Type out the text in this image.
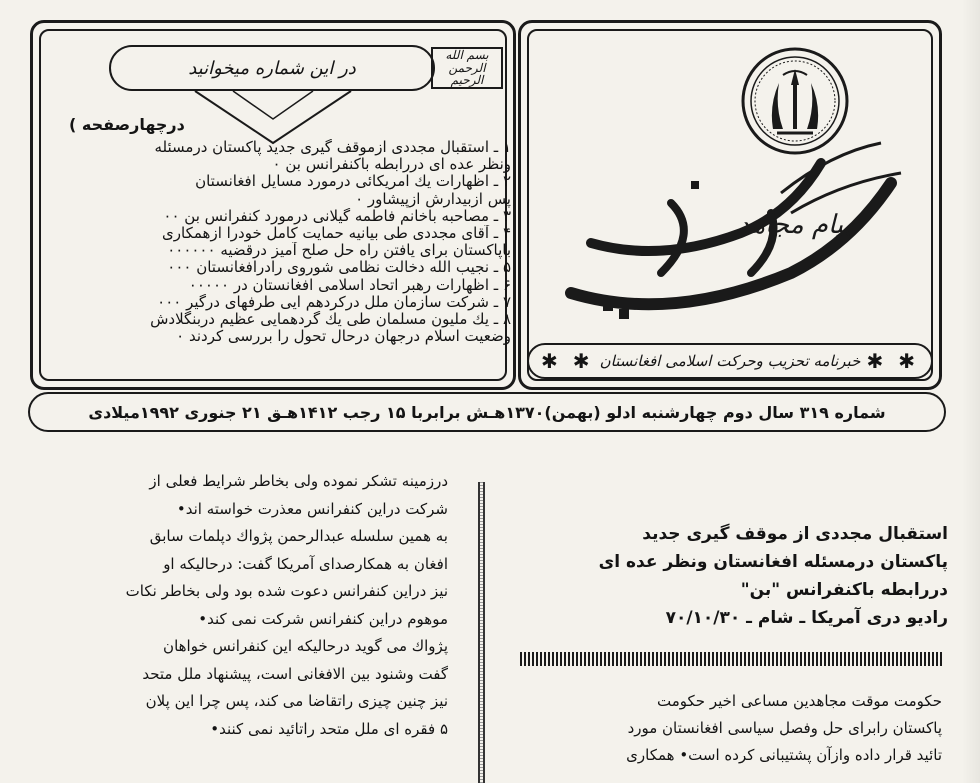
پیام مجاهد
✱ ✱ خبرنامه تحزیب وحرکت اسلامی افغانستان ✱ ✱
بسم الله الرحمن الرحیم
در این شماره میخوانید
( درچهارصفحه
۱ ـ استقبال مجددی ازموقف گیری جدید پاکستان درمسئله
ونظر عده ای دررابطه باکنفرانس بن ۰
۲ ـ اظهارات یك امریکائی درمورد مسایل افغانستان
پس ازبیدارش ازپیشاور ۰
۳ ـ مصاحبه باخانم فاطمه گیلانی درمورد کنفرانس بن ۰۰
۴ ـ آقای مجددی طی بیانیه حمایت کامل خودرا ازهمکاری
باپاکستان برای یافتن راه حل صلح آمیز درقضیه ۰۰۰۰۰۰
۵ ـ نجیب الله دخالت نظامی شوروی رادرافغانستان ۰۰۰
۶ ـ اظهارات رهبر اتحاد اسلامی افغانستان در ۰۰۰۰۰
۷ ـ شرکت سازمان ملل درکردهم ایی طرفهای درگیر ۰۰۰
۸ ـ یك ملیون مسلمان طی یك گردهمایی عظیم دربنگلادش
وضعیت اسلام درجهان درحال تحول را بررسی کردند ۰
شماره ۳۱۹ سال دوم چهارشنبه ادلو (بهمن)۱۳۷۰هـش برابربا ۱۵ رجب ۱۴۱۲هـق ۲۱ جنوری ۱۹۹۲میلادی
درزمینه تشکر نموده ولی بخاطر شرایط فعلی از
شرکت دراین کنفرانس معذرت خواسته اند•
به همین سلسله عبدالرحمن پژواك دپلمات سابق
افغان به همکارصدای آمریکا گفت: درحالیکه او
نیز دراین کنفرانس دعوت شده بود ولی بخاطر نکات
موهوم دراین کنفرانس شرکت نمی کند•
پژواك می گوید درحالیکه این کنفرانس خواهان
گفت وشنود بین الافغانی است، پیشنهاد ملل متحد
نیز چنین چیزی راتقاضا می کند، پس چرا این پلان
۵ فقره ای ملل متحد راتائید نمی کنند•
استقبال مجددی از موقف گیری جدید
پاکستان درمسئله افغانستان ونظر عده ای
دررابطه باکنفرانس "بن"
رادیو دری آمریکا ـ شام ـ ۷۰/۱۰/۳۰
حکومت موقت مجاهدین مساعی اخیر حکومت
پاکستان رابرای حل وفصل سیاسی افغانستان مورد
تائید قرار داده وازآن پشتیبانی کرده است• همکاری
